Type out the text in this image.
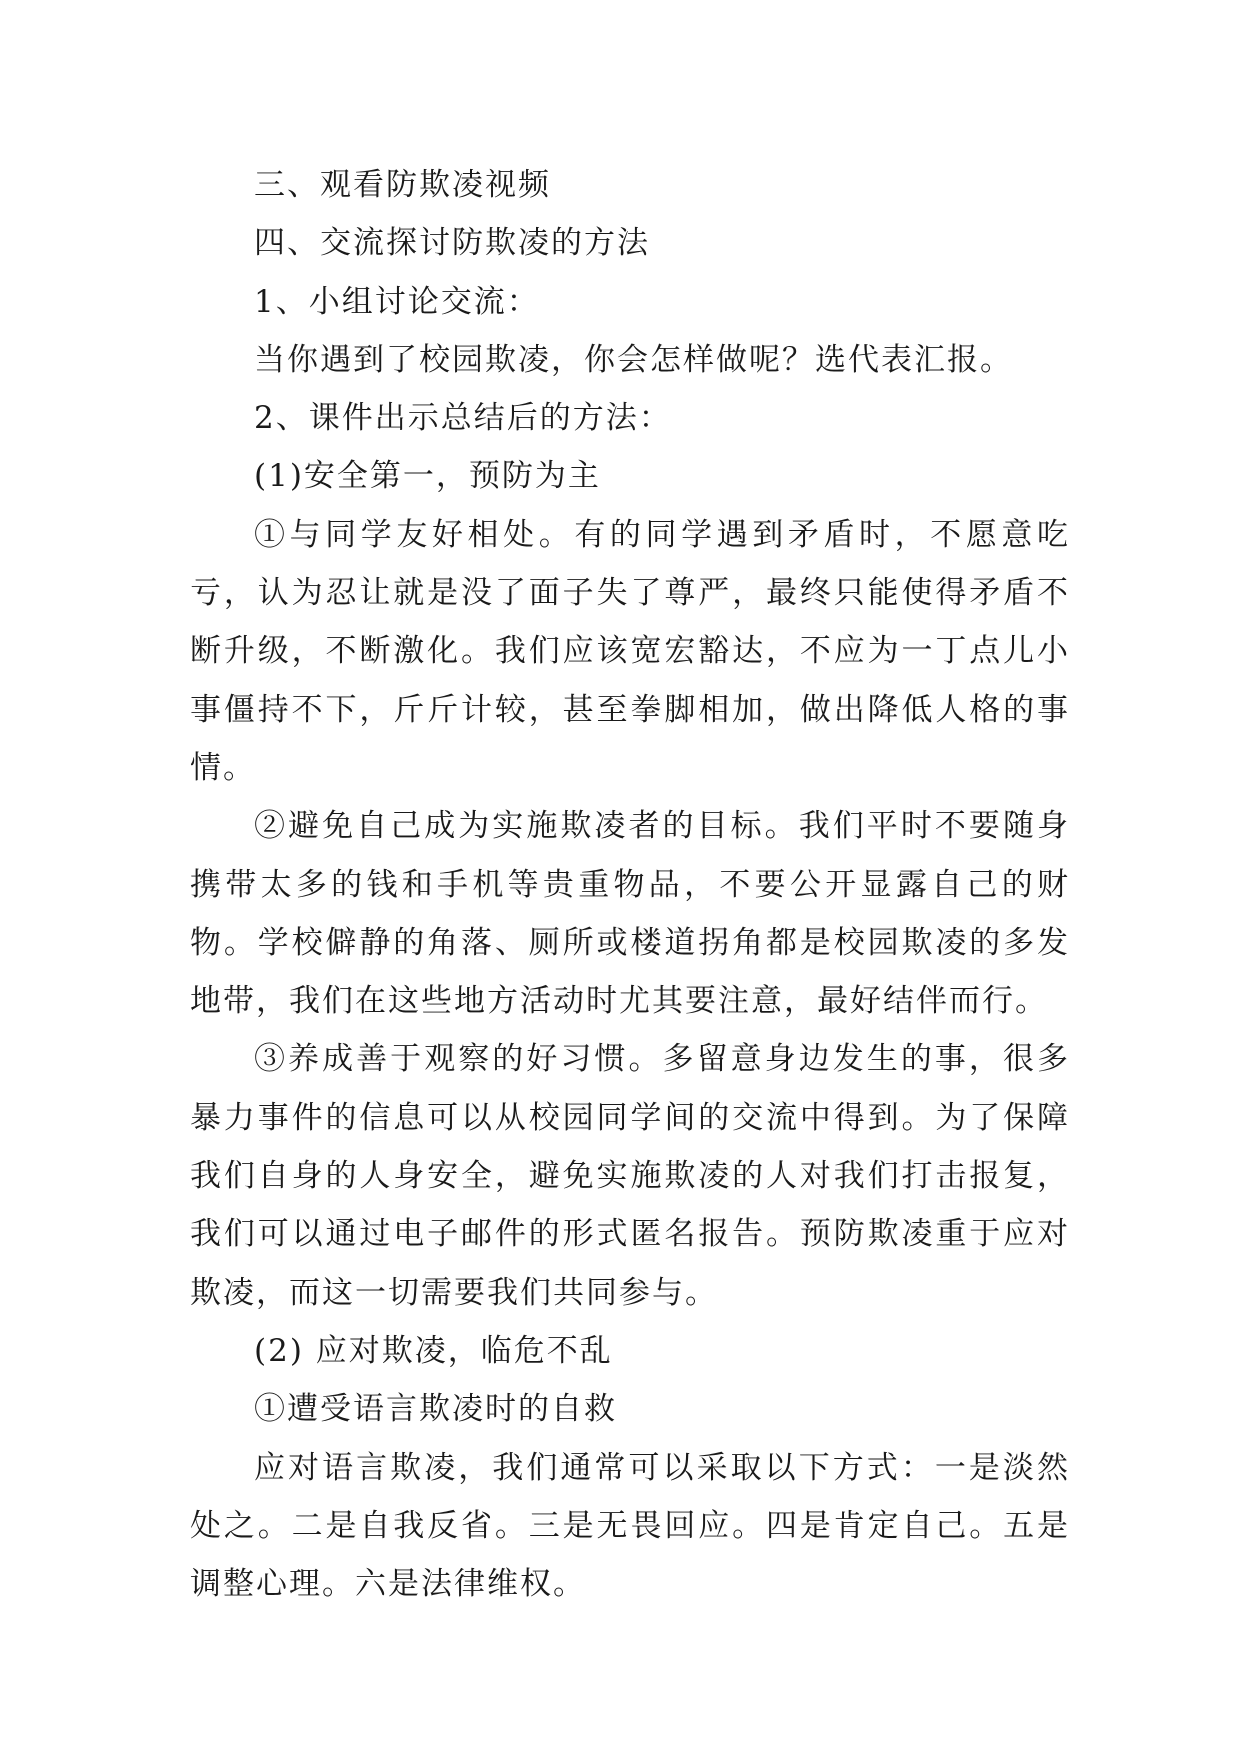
三、观看防欺凌视频

四、交流探讨防欺凌的方法

1、小组讨论交流：

当你遇到了校园欺凌，你会怎样做呢？选代表汇报。

2、课件出示总结后的方法：

(1)安全第一，预防为主

①与同学友好相处。有的同学遇到矛盾时，不愿意吃亏，认为忍让就是没了面子失了尊严，最终只能使得矛盾不断升级，不断激化。我们应该宽宏豁达，不应为一丁点儿小事僵持不下，斤斤计较，甚至拳脚相加，做出降低人格的事情。

②避免自己成为实施欺凌者的目标。我们平时不要随身携带太多的钱和手机等贵重物品，不要公开显露自己的财物。学校僻静的角落、厕所或楼道拐角都是校园欺凌的多发地带，我们在这些地方活动时尤其要注意，最好结伴而行。

③养成善于观察的好习惯。多留意身边发生的事，很多暴力事件的信息可以从校园同学间的交流中得到。为了保障我们自身的人身安全，避免实施欺凌的人对我们打击报复，我们可以通过电子邮件的形式匿名报告。预防欺凌重于应对欺凌，而这一切需要我们共同参与。

(2) 应对欺凌，临危不乱

①遭受语言欺凌时的自救

应对语言欺凌，我们通常可以采取以下方式：一是淡然处之。二是自我反省。三是无畏回应。四是肯定自己。五是调整心理。六是法律维权。
